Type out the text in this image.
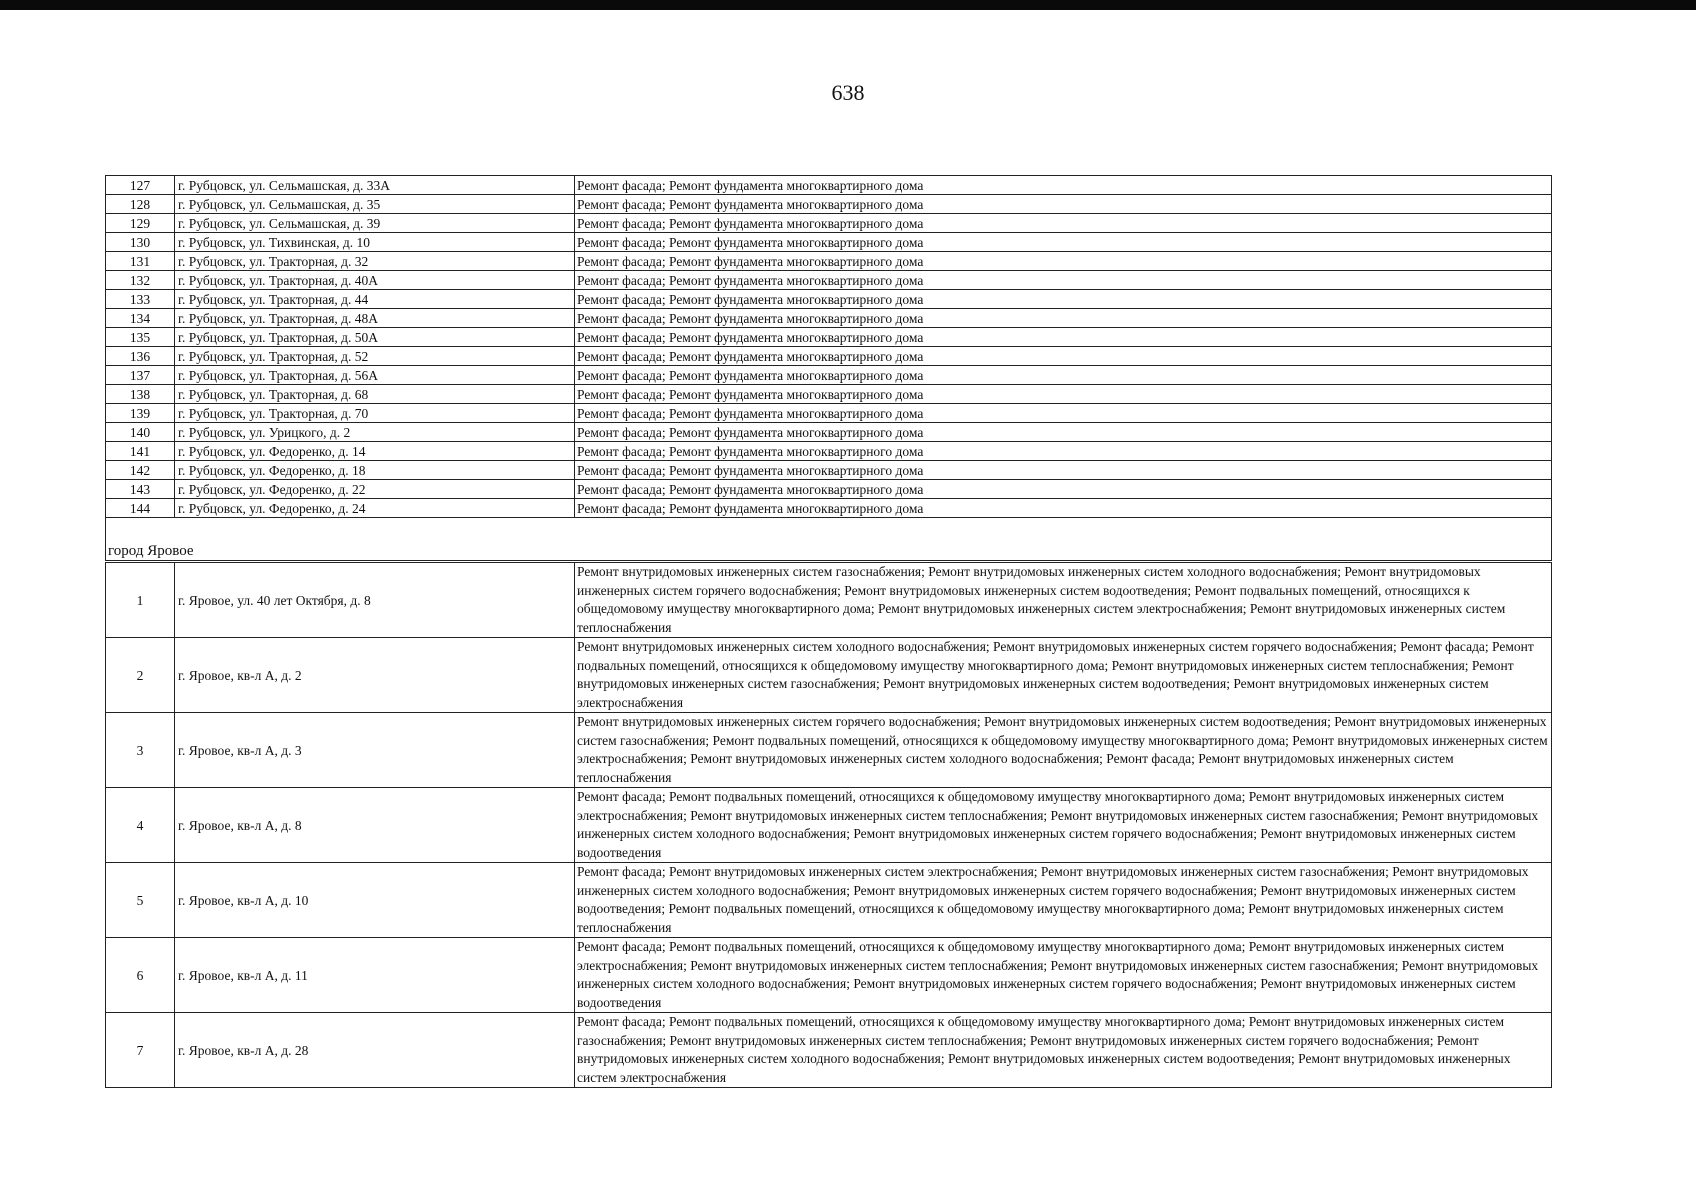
638
127	г. Рубцовск, ул. Сельмашская, д. 33А	Ремонт фасада; Ремонт фундамента многоквартирного дома
128	г. Рубцовск, ул. Сельмашская, д. 35	Ремонт фасада; Ремонт фундамента многоквартирного дома
129	г. Рубцовск, ул. Сельмашская, д. 39	Ремонт фасада; Ремонт фундамента многоквартирного дома
130	г. Рубцовск, ул. Тихвинская, д. 10	Ремонт фасада; Ремонт фундамента многоквартирного дома
131	г. Рубцовск, ул. Тракторная, д. 32	Ремонт фасада; Ремонт фундамента многоквартирного дома
132	г. Рубцовск, ул. Тракторная, д. 40А	Ремонт фасада; Ремонт фундамента многоквартирного дома
133	г. Рубцовск, ул. Тракторная, д. 44	Ремонт фасада; Ремонт фундамента многоквартирного дома
134	г. Рубцовск, ул. Тракторная, д. 48А	Ремонт фасада; Ремонт фундамента многоквартирного дома
135	г. Рубцовск, ул. Тракторная, д. 50А	Ремонт фасада; Ремонт фундамента многоквартирного дома
136	г. Рубцовск, ул. Тракторная, д. 52	Ремонт фасада; Ремонт фундамента многоквартирного дома
137	г. Рубцовск, ул. Тракторная, д. 56А	Ремонт фасада; Ремонт фундамента многоквартирного дома
138	г. Рубцовск, ул. Тракторная, д. 68	Ремонт фасада; Ремонт фундамента многоквартирного дома
139	г. Рубцовск, ул. Тракторная, д. 70	Ремонт фасада; Ремонт фундамента многоквартирного дома
140	г. Рубцовск, ул. Урицкого, д. 2	Ремонт фасада; Ремонт фундамента многоквартирного дома
141	г. Рубцовск, ул. Федоренко, д. 14	Ремонт фасада; Ремонт фундамента многоквартирного дома
142	г. Рубцовск, ул. Федоренко, д. 18	Ремонт фасада; Ремонт фундамента многоквартирного дома
143	г. Рубцовск, ул. Федоренко, д. 22	Ремонт фасада; Ремонт фундамента многоквартирного дома
144	г. Рубцовск, ул. Федоренко, д. 24	Ремонт фасада; Ремонт фундамента многоквартирного дома
город Яровое		
1	г. Яровое, ул. 40 лет Октября, д. 8	Ремонт внутридомовых инженерных систем газоснабжения; Ремонт внутридомовых инженерных систем холодного водоснабжения; Ремонт внутридомовых инженерных систем горячего водоснабжения; Ремонт внутридомовых инженерных систем водоотведения; Ремонт подвальных помещений, относящихся к общедомовому имуществу многоквартирного дома; Ремонт внутридомовых инженерных систем электроснабжения; Ремонт внутридомовых инженерных систем теплоснабжения
2	г. Яровое, кв-л А, д. 2	Ремонт внутридомовых инженерных систем холодного водоснабжения; Ремонт внутридомовых инженерных систем горячего водоснабжения; Ремонт фасада; Ремонт подвальных помещений, относящихся к общедомовому имуществу многоквартирного дома; Ремонт внутридомовых инженерных систем теплоснабжения; Ремонт внутридомовых инженерных систем газоснабжения; Ремонт внутридомовых инженерных систем водоотведения; Ремонт внутридомовых инженерных систем электроснабжения
3	г. Яровое, кв-л А, д. 3	Ремонт внутридомовых инженерных систем горячего водоснабжения; Ремонт внутридомовых инженерных систем водоотведения; Ремонт внутридомовых инженерных систем газоснабжения; Ремонт подвальных помещений, относящихся к общедомовому имуществу многоквартирного дома; Ремонт внутридомовых инженерных систем электроснабжения; Ремонт внутридомовых инженерных систем холодного водоснабжения; Ремонт фасада; Ремонт внутридомовых инженерных систем теплоснабжения
4	г. Яровое, кв-л А, д. 8	Ремонт фасада; Ремонт подвальных помещений, относящихся к общедомовому имуществу многоквартирного дома; Ремонт внутридомовых инженерных систем электроснабжения; Ремонт внутридомовых инженерных систем теплоснабжения; Ремонт внутридомовых инженерных систем газоснабжения; Ремонт внутридомовых инженерных систем холодного водоснабжения; Ремонт внутридомовых инженерных систем горячего водоснабжения; Ремонт внутридомовых инженерных систем водоотведения
5	г. Яровое, кв-л А, д. 10	Ремонт фасада; Ремонт внутридомовых инженерных систем электроснабжения; Ремонт внутридомовых инженерных систем газоснабжения; Ремонт внутридомовых инженерных систем холодного водоснабжения; Ремонт внутридомовых инженерных систем горячего водоснабжения; Ремонт внутридомовых инженерных систем водоотведения; Ремонт подвальных помещений, относящихся к общедомовому имуществу многоквартирного дома; Ремонт внутридомовых инженерных систем теплоснабжения
6	г. Яровое, кв-л А, д. 11	Ремонт фасада; Ремонт подвальных помещений, относящихся к общедомовому имуществу многоквартирного дома; Ремонт внутридомовых инженерных систем электроснабжения; Ремонт внутридомовых инженерных систем теплоснабжения; Ремонт внутридомовых инженерных систем газоснабжения; Ремонт внутридомовых инженерных систем холодного водоснабжения; Ремонт внутридомовых инженерных систем горячего водоснабжения; Ремонт внутридомовых инженерных систем водоотведения
7	г. Яровое, кв-л А, д. 28	Ремонт фасада; Ремонт подвальных помещений, относящихся к общедомовому имуществу многоквартирного дома; Ремонт внутридомовых инженерных систем газоснабжения; Ремонт внутридомовых инженерных систем теплоснабжения; Ремонт внутридомовых инженерных систем горячего водоснабжения; Ремонт внутридомовых инженерных систем холодного водоснабжения; Ремонт внутридомовых инженерных систем водоотведения; Ремонт внутридомовых инженерных систем электроснабжения
